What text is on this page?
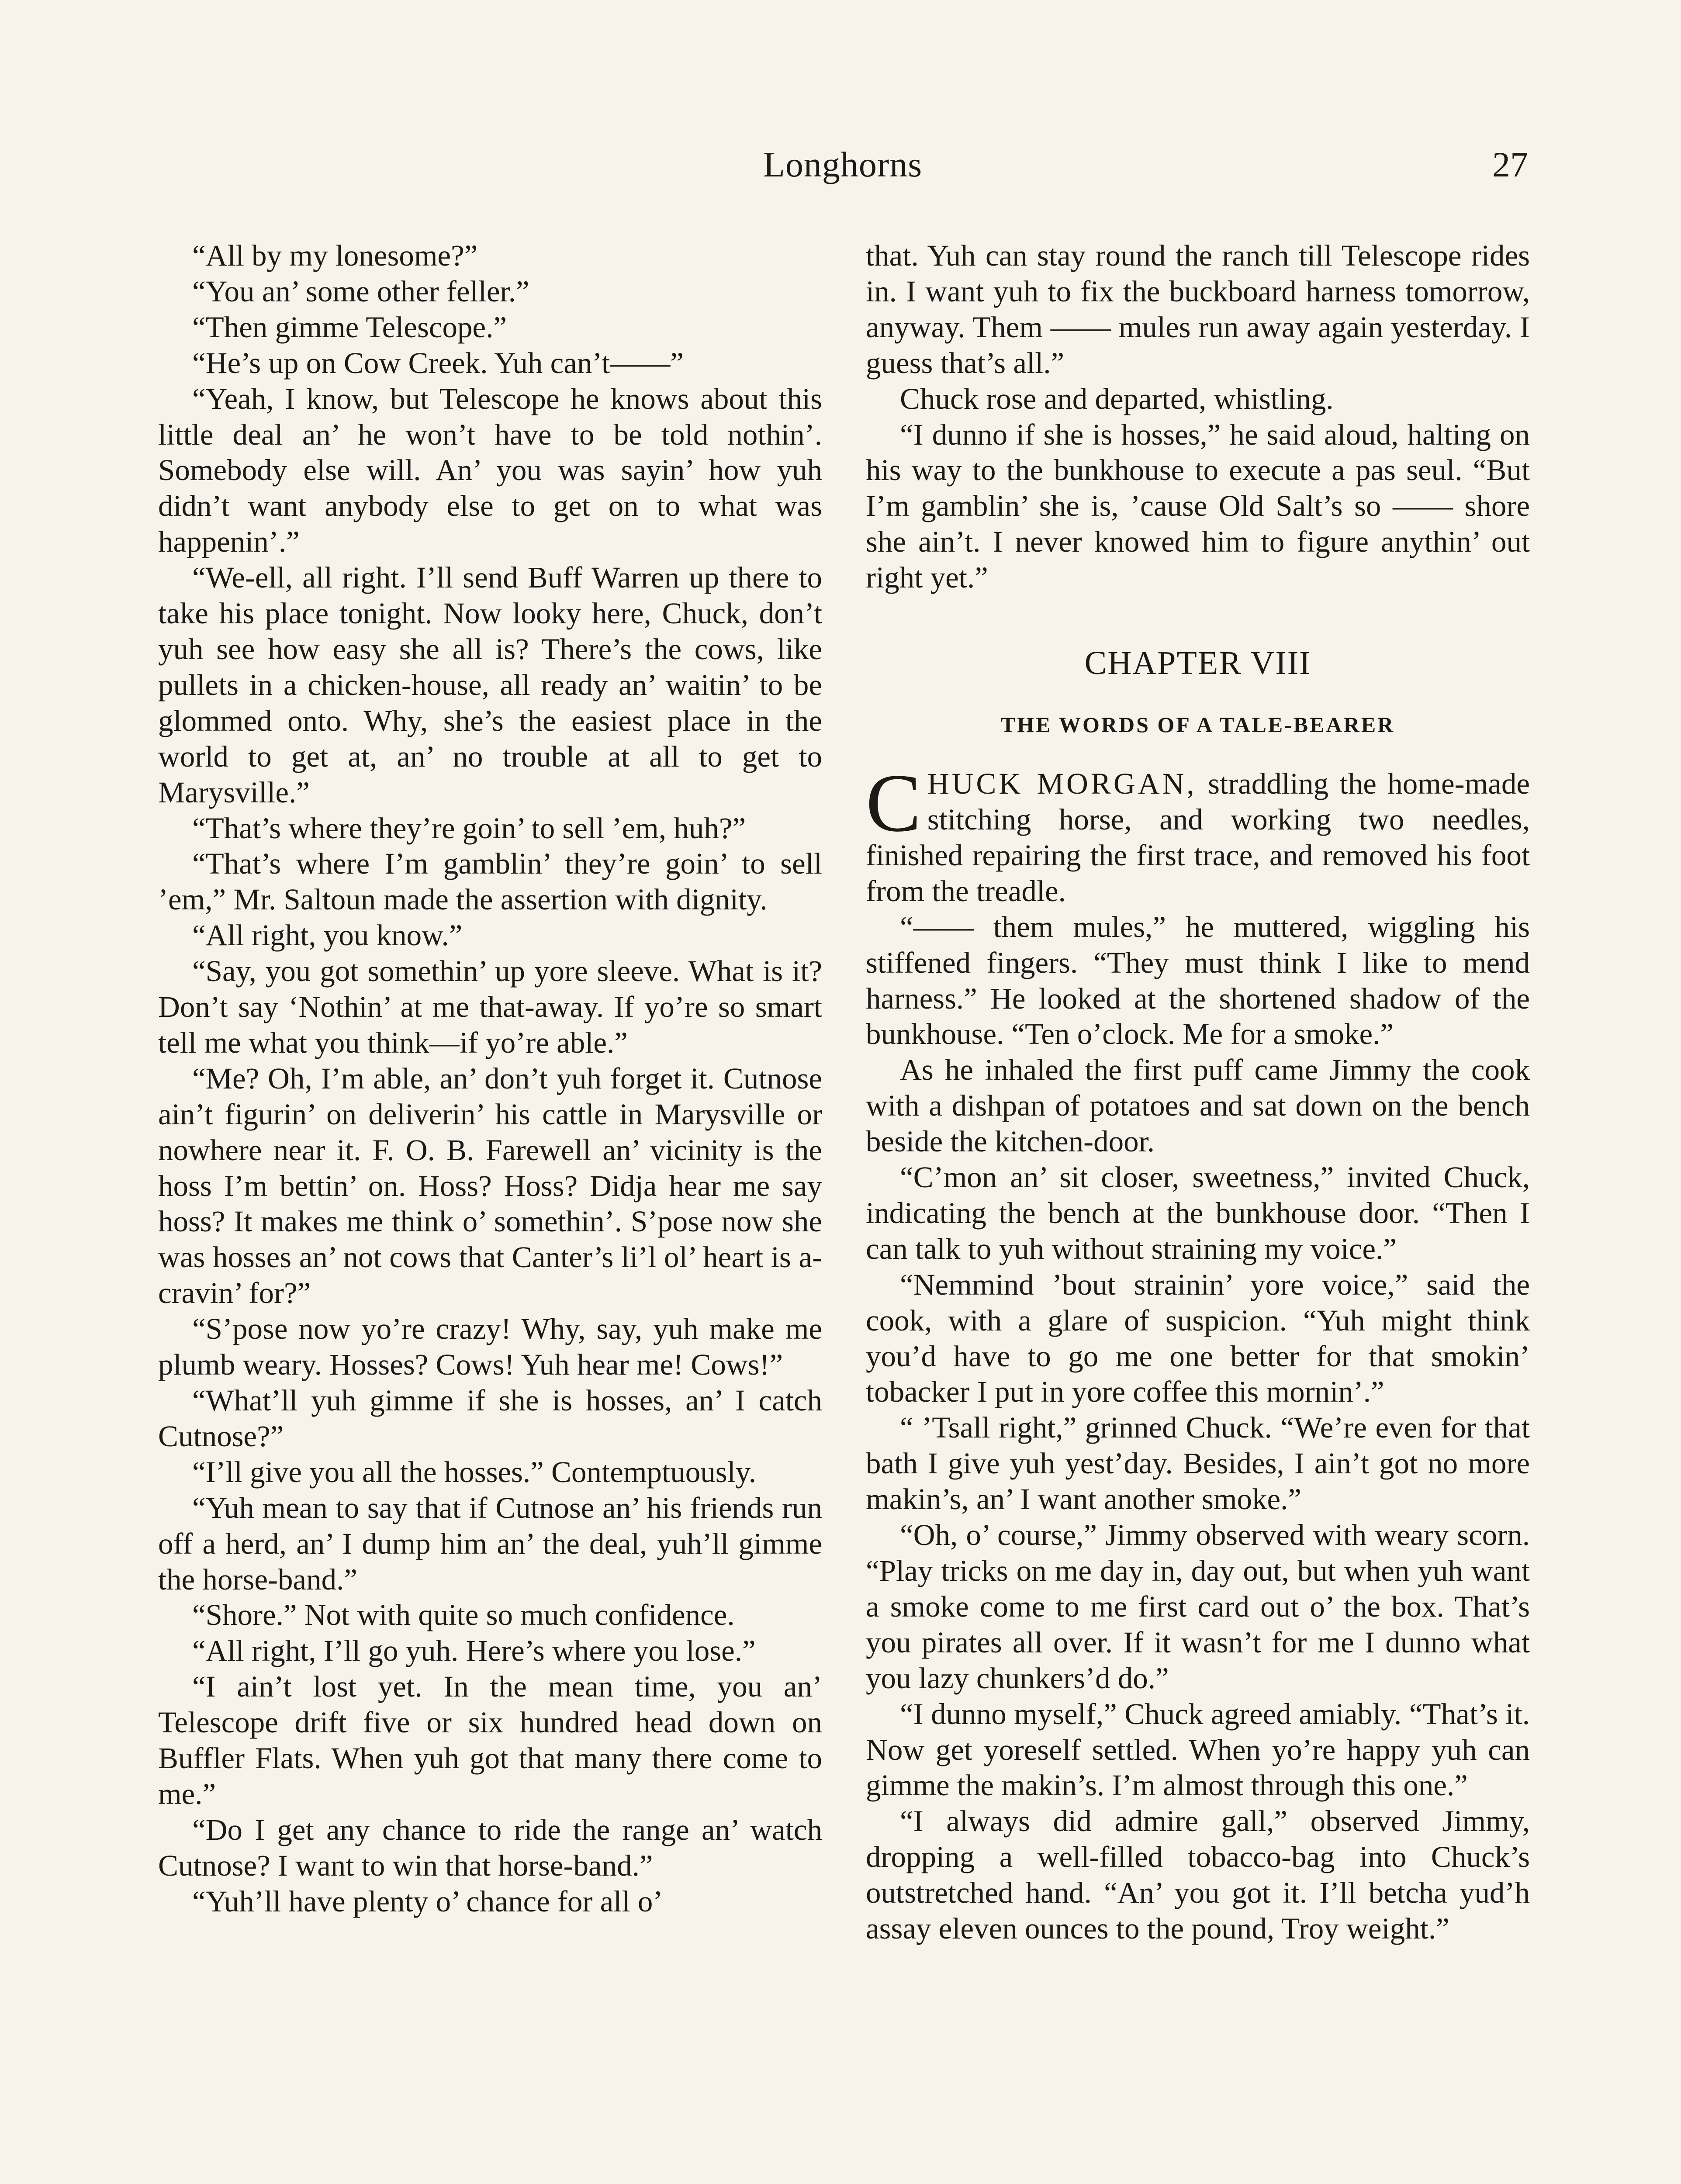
Longhorns	27

“All by my lonesome?”

“You an’ some other feller.”

“Then gimme Telescope.”

“He’s up on Cow Creek. Yuh can’t——”

“Yeah, I know, but Telescope he knows about this little deal an’ he won’t have to be told nothin’. Somebody else will. An’ you was sayin’ how yuh didn’t want anybody else to get on to what was happenin’.”

“We-ell, all right. I’ll send Buff Warren up there to take his place tonight. Now looky here, Chuck, don’t yuh see how easy she all is? There’s the cows, like pullets in a chicken-house, all ready an’ waitin’ to be glommed onto. Why, she’s the easiest place in the world to get at, an’ no trouble at all to get to Marysville.”

“That’s where they’re goin’ to sell ’em, huh?”

“That’s where I’m gamblin’ they’re goin’ to sell ’em,” Mr. Saltoun made the assertion with dignity.

“All right, you know.”

“Say, you got somethin’ up yore sleeve. What is it? Don’t say ‘Nothin’ at me that-away. If yo’re so smart tell me what you think—if yo’re able.”

“Me? Oh, I’m able, an’ don’t yuh forget it. Cutnose ain’t figurin’ on deliverin’ his cattle in Marysville or nowhere near it. F. O. B. Farewell an’ vicinity is the hoss I’m bettin’ on. Hoss? Hoss? Didja hear me say hoss? It makes me think o’ somethin’. S’pose now she was hosses an’ not cows that Canter’s li’l ol’ heart is a-cravin’ for?”

“S’pose now yo’re crazy! Why, say, yuh make me plumb weary. Hosses? Cows! Yuh hear me! Cows!”

“What’ll yuh gimme if she is hosses, an’ I catch Cutnose?”

“I’ll give you all the hosses.” Contemptuously.

“Yuh mean to say that if Cutnose an’ his friends run off a herd, an’ I dump him an’ the deal, yuh’ll gimme the horse-band.”

“Shore.” Not with quite so much confidence.

“All right, I’ll go yuh. Here’s where you lose.”

“I ain’t lost yet. In the mean time, you an’ Telescope drift five or six hundred head down on Buffler Flats. When yuh got that many there come to me.”

“Do I get any chance to ride the range an’ watch Cutnose? I want to win that horse-band.”

“Yuh’ll have plenty o’ chance for all o’

that. Yuh can stay round the ranch till Telescope rides in. I want yuh to fix the buckboard harness tomorrow, anyway. Them —— mules run away again yesterday. I guess that’s all.”

Chuck rose and departed, whistling.

“I dunno if she is hosses,” he said aloud, halting on his way to the bunkhouse to execute a pas seul. “But I’m gamblin’ she is, ’cause Old Salt’s so —— shore she ain’t. I never knowed him to figure anythin’ out right yet.”

CHAPTER VIII
THE WORDS OF A TALE-BEARER

CHUCK MORGAN, straddling the home-made stitching horse, and working two needles, finished repairing the first trace, and removed his foot from the treadle.

“—— them mules,” he muttered, wiggling his stiffened fingers. “They must think I like to mend harness.” He looked at the shortened shadow of the bunkhouse. “Ten o’clock. Me for a smoke.”

As he inhaled the first puff came Jimmy the cook with a dishpan of potatoes and sat down on the bench beside the kitchen-door.

“C’mon an’ sit closer, sweetness,” invited Chuck, indicating the bench at the bunkhouse door. “Then I can talk to yuh without straining my voice.”

“Nemmind ’bout strainin’ yore voice,” said the cook, with a glare of suspicion. “Yuh might think you’d have to go me one better for that smokin’ tobacker I put in yore coffee this mornin’.”

“ ’Tsall right,” grinned Chuck. “We’re even for that bath I give yuh yest’day. Besides, I ain’t got no more makin’s, an’ I want another smoke.”

“Oh, o’ course,” Jimmy observed with weary scorn. “Play tricks on me day in, day out, but when yuh want a smoke come to me first card out o’ the box. That’s you pirates all over. If it wasn’t for me I dunno what you lazy chunkers’d do.”

“I dunno myself,” Chuck agreed amiably. “That’s it. Now get yoreself settled. When yo’re happy yuh can gimme the makin’s. I’m almost through this one.”

“I always did admire gall,” observed Jimmy, dropping a well-filled tobacco-bag into Chuck’s outstretched hand. “An’ you got it. I’ll betcha yud’h assay eleven ounces to the pound, Troy weight.”
